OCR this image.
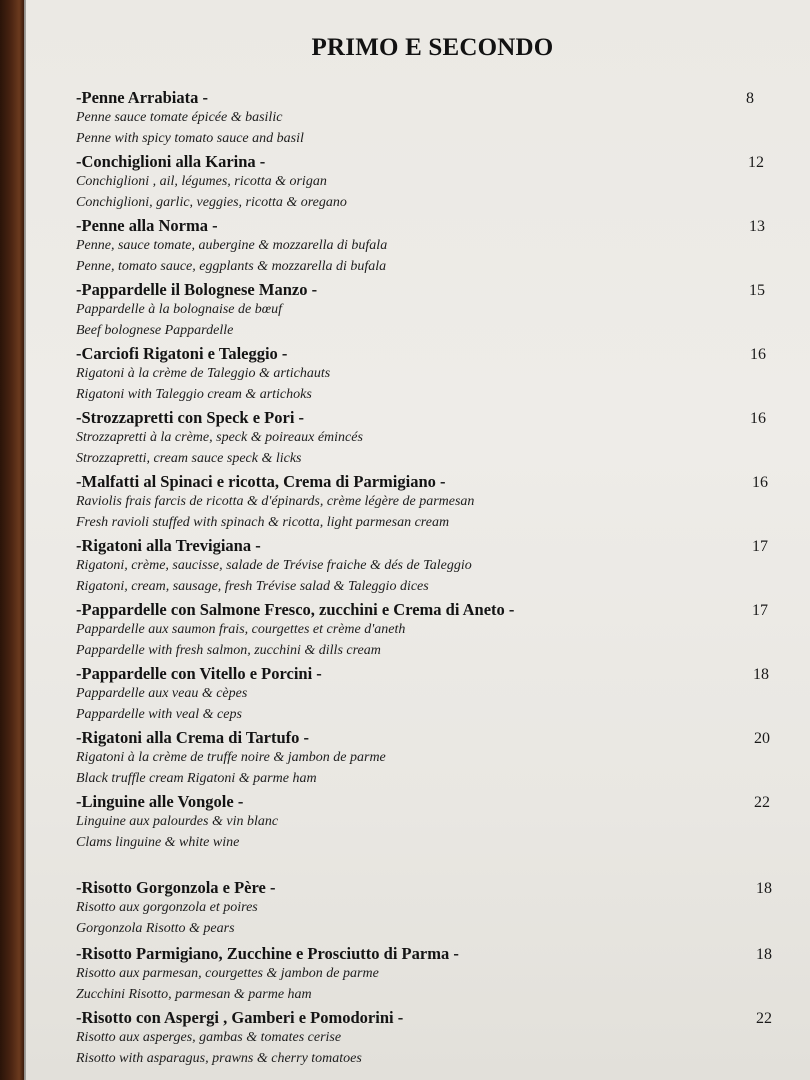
PRIMO E SECONDO
-Penne Arrabiata -
Penne sauce tomate épicée & basilic
Penne with spicy tomato sauce and basil
8
-Conchiglioni alla Karina -
Conchiglioni , ail, légumes, ricotta & origan
Conchiglioni, garlic, veggies, ricotta & oregano
12
-Penne alla Norma -
Penne, sauce tomate, aubergine & mozzarella di bufala
Penne, tomato sauce, eggplants & mozzarella di bufala
13
-Pappardelle il Bolognese Manzo -
Pappardelle à la bolognaise de bœuf
Beef bolognese Pappardelle
15
-Carciofi Rigatoni e Taleggio -
Rigatoni à la crème de Taleggio & artichauts
Rigatoni with Taleggio cream & artichoks
16
-Strozzapretti con Speck e Pori -
Strozzapretti à la crème, speck & poireaux émincés
Strozzapretti, cream sauce speck & licks
16
-Malfatti al Spinaci e ricotta, Crema di Parmigiano -
Raviolis frais farcis de ricotta & d'épinards, crème légère de parmesan
Fresh ravioli stuffed with spinach & ricotta, light parmesan cream
16
-Rigatoni alla Trevigiana -
Rigatoni, crème, saucisse, salade de Trévise fraiche & dés de Taleggio
Rigatoni, cream, sausage, fresh Trévise salad & Taleggio dices
17
-Pappardelle con Salmone Fresco, zucchini e Crema di Aneto -
Pappardelle aux saumon frais, courgettes et crème d'aneth
Pappardelle with fresh salmon, zucchini & dills cream
17
-Pappardelle con Vitello e Porcini -
Pappardelle aux veau & cèpes
Pappardelle with veal & ceps
18
-Rigatoni alla Crema di Tartufo -
Rigatoni à la crème de truffe noire & jambon de parme
Black truffle cream Rigatoni & parme ham
20
-Linguine alle Vongole -
Linguine aux palourdes & vin blanc
Clams linguine & white wine
22
-Risotto Gorgonzola e Père -
Risotto aux gorgonzola et poires
Gorgonzola Risotto & pears
18
-Risotto Parmigiano, Zucchine e Prosciutto di Parma -
Risotto aux parmesan, courgettes & jambon de parme
Zucchini Risotto, parmesan & parme ham
18
-Risotto con Aspergi , Gamberi e Pomodorini -
Risotto aux asperges, gambas & tomates cerise
Risotto with asparagus, prawns & cherry tomatoes
22
